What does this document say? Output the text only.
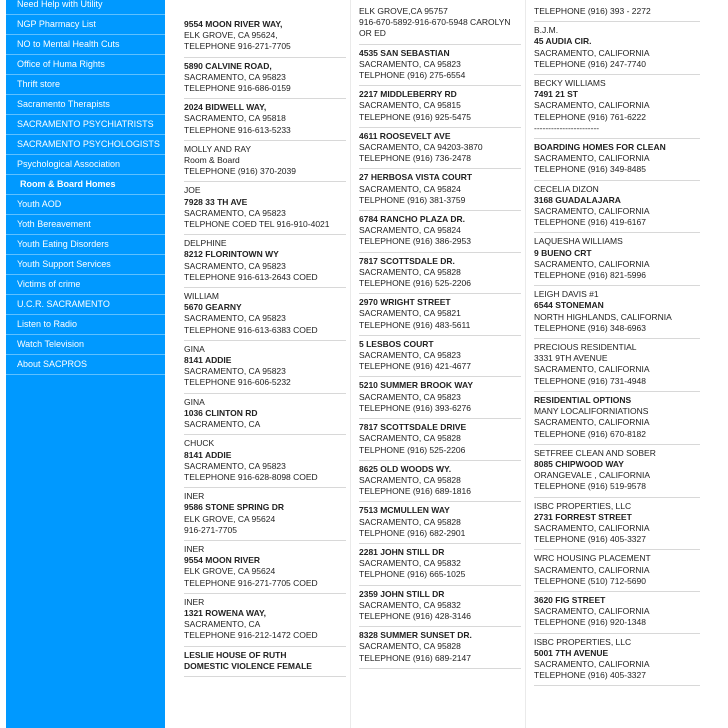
Need Help with Utility
NGP Pharmacy List
NO to Mental Health Cuts
Office of Huma Rights
Thrift store
Sacramento Therapists
SACRAMENTO PSYCHIATRISTS
SACRAMENTO PSYCHOLOGISTS
Psychological Association
Room & Board Homes
Youth AOD
Yoth Bereavement
Youth Eating Disorders
Youth Support Services
Victims of crime
U.C.R. SACRAMENTO
Listen to Radio
Watch Television
About SACPROS
9554 MOON RIVER WAY,
ELK GROVE, CA 95624,
TELEPHONE 916-271-7705
5890 CALVINE ROAD,
SACRAMENTO, CA 95823
TELEPHONE 916-686-0159
2024 BIDWELL WAY,
SACRAMENTO, CA 95818
TELEPHONE 916-613-5233
MOLLY AND RAY
Room & Board
TELEPHONE (916) 370-2039
JOE
7928 33 TH AVE
SACRAMENTO, CA 95823
TELPHONE COED TEL 916-910-4021
DELPHINE
8212 FLORINTOWN WY
SACRAMENTO, CA 95823
TELEPHONE 916-613-2643 COED
WILLIAM
5670 GEARNY
SACRAMENTO, CA 95823
TELEPHONE 916-613-6383 COED
GINA
8141 ADDIE
SACRAMENTO, CA 95823
TELEPHONE 916-606-5232
GINA
1036 CLINTON RD
SACRAMENTO, CA
CHUCK
8141 ADDIE
SACRAMENTO, CA 95823
TELEPHONE 916-628-8098 COED
INER
9586 STONE SPRING DR
ELK GROVE, CA 95624
916-271-7705
INER
9554 MOON RIVER
ELK GROVE, CA 95624
TELEPHONE 916-271-7705 COED
INER
1321 ROWENA WAY,
SACRAMENTO, CA
TELEPHONE 916-212-1472 COED
LESLIE HOUSE OF RUTH
DOMESTIC VIOLENCE FEMALE
ELK GROVE,CA 95757
916-670-5892-916-670-5948 CAROLYN
OR ED
4535 SAN SEBASTIAN
SACRAMENTO, CA 95823
TELPHONE (916) 275-6554
2217 MIDDLEBERRY RD
SACRAMENTO, CA 95815
TELEPHONE (916) 925-5475
4611 ROOSEVELT AVE
SACRAMENTO, CA 94203-3870
TELEPHONE (916) 736-2478
27 HERBOSA VISTA COURT
SACRAMENTO, CA 95824
TELPHONE (916) 381-3759
6784 RANCHO PLAZA DR.
SACRAMENTO, CA 95824
TELEPHONE (916) 386-2953
7817 SCOTTSDALE DR.
SACRAMENTO, CA 95828
TELEPHONE (916) 525-2206
2970 WRIGHT STREET
SACRAMENTO, CA 95821
TELEPHONE (916) 483-5611
5 LESBOS COURT
SACRAMENTO, CA 95823
TELEPHONE (916) 421-4677
5210 SUMMER BROOK WAY
SACRAMENTO, CA 95823
TELEPHONE (916) 393-6276
7817 SCOTTSDALE DRIVE
SACRAMENTO, CA 95828
TELPHONE (916) 525-2206
8625 OLD WOODS WY.
SACRAMENTO, CA 95828
TELEPHONE (916) 689-1816
7513 MCMULLEN WAY
SACRAMENTO, CA 95828
TELPHONE (916) 682-2901
2281 JOHN STILL DR
SACRAMENTO, CA 95832
TELPHONE (916) 665-1025
2359 JOHN STILL DR
SACRAMENTO, CA 95832
TELEPHONE (916) 428-3146
8328 SUMMER SUNSET DR.
SACRAMENTO, CA 95828
TELEPHONE (916) 689-2147
TELEPHONE (916) 393 - 2272
B.J.M.
45 AUDIA CIR.
SACRAMENTO, CALIFORNIA
TELEPHONE (916) 247-7740
BECKY WILLIAMS
7491 21 ST
SACRAMENTO, CALIFORNIA
TELEPHONE (916) 761-6222
-----------------------
BOARDING HOMES FOR CLEAN
SACRAMENTO, CALIFORNIA
TELEPHONE (916) 349-8485
CECELIA DIZON
3168 GUADALAJARA
SACRAMENTO, CALIFORNIA
TELEPHONE (916) 419-6167
LAQUESHA WILLIAMS
9 BUENO CRT
SACRAMENTO, CALIFORNIA
TELEPHONE (916) 821-5996
LEIGH DAVIS #1
6544 STONEMAN
NORTH HIGHLANDS, CALIFORNIA
TELEPHONE (916) 348-6963
PRECIOUS RESIDENTIAL
3331 9TH AVENUE
SACRAMENTO, CALIFORNIA
TELEPHONE (916) 731-4948
RESIDENTIAL OPTIONS
MANY LOCALIFORNIATIONS
SACRAMENTO, CALIFORNIA
TELEPHONE (916) 670-8182
SETFREE CLEAN AND SOBER
8085 CHIPWOOD WAY
ORANGEVALE , CALIFORNIA
TELEPHONE (916) 519-9578
ISBC PROPERTIES, LLC
2731 FORREST STREET
SACRAMENTO, CALIFORNIA
TELEPHONE (916) 405-3327
WRC HOUSING PLACEMENT
SACRAMENTO, CALIFORNIA
TELEPHONE (510) 712-5690
3620 FIG STREET
SACRAMENTO, CALIFORNIA
TELEPHONE (916) 920-1348
ISBC PROPERTIES, LLC
5001 7TH AVENUE
SACRAMENTO, CALIFORNIA
TELEPHONE (916) 405-3327
